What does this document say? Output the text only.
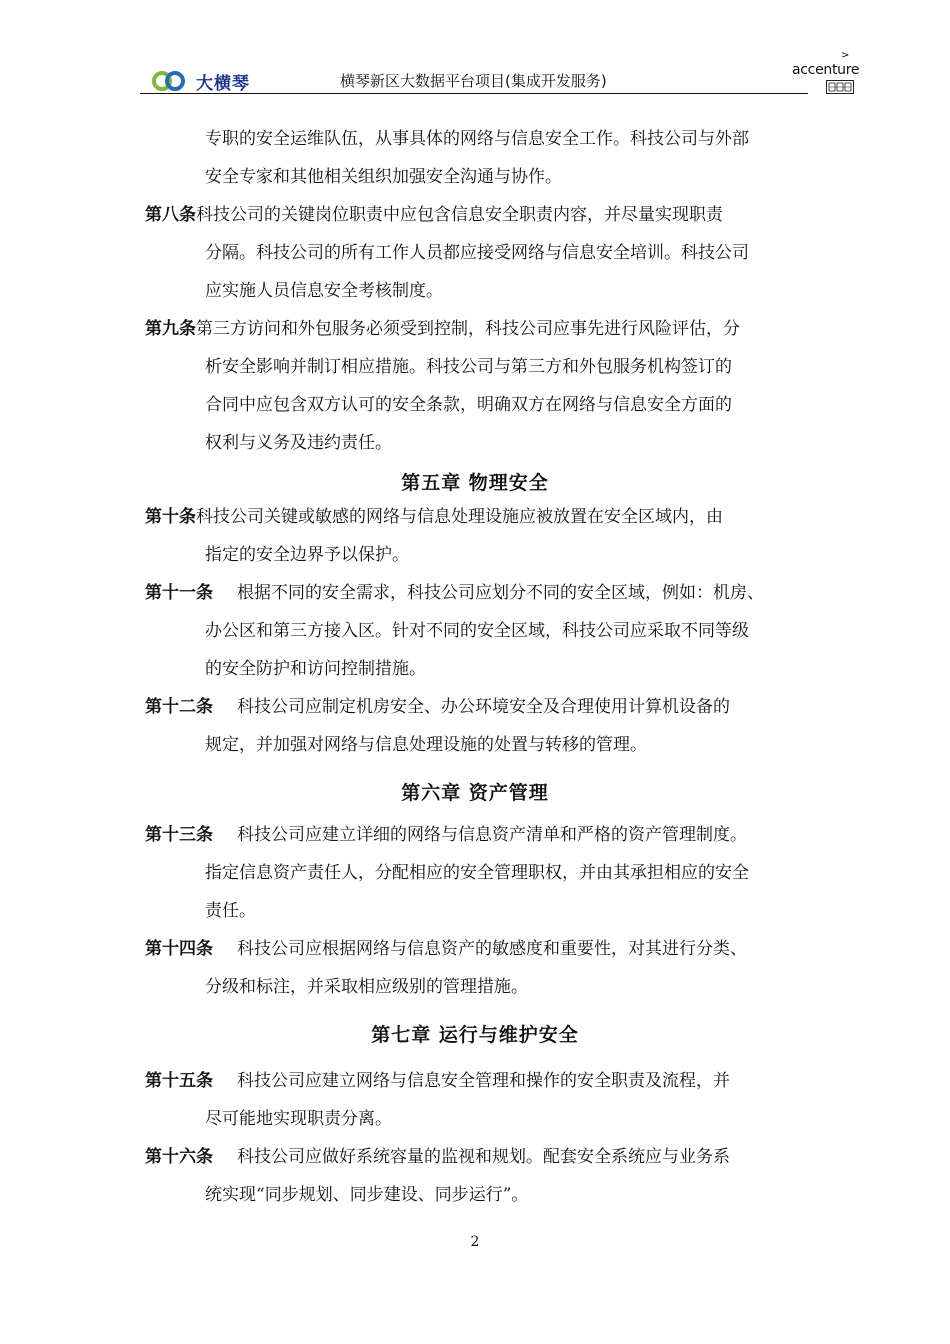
大横琴	横琴新区大数据平台项目(集成开发服务)
>
accenture
专职的安全运维队伍，从事具体的网络与信息安全工作。科技公司与外部
安全专家和其他相关组织加强安全沟通与协作。
第八条科技公司的关键岗位职责中应包含信息安全职责内容，并尽量实现职责
分隔。科技公司的所有工作人员都应接受网络与信息安全培训。科技公司
应实施人员信息安全考核制度。
第九条第三方访问和外包服务必须受到控制，科技公司应事先进行风险评估，分
析安全影响并制订相应措施。科技公司与第三方和外包服务机构签订的
合同中应包含双方认可的安全条款，明确双方在网络与信息安全方面的
权利与义务及违约责任。
第五章 物理安全
第十条科技公司关键或敏感的网络与信息处理设施应被放置在安全区域内，由
指定的安全边界予以保护。
第十一条 根据不同的安全需求，科技公司应划分不同的安全区域，例如：机房、
办公区和第三方接入区。针对不同的安全区域，科技公司应采取不同等级
的安全防护和访问控制措施。
第十二条 科技公司应制定机房安全、办公环境安全及合理使用计算机设备的
规定，并加强对网络与信息处理设施的处置与转移的管理。
第六章 资产管理
第十三条 科技公司应建立详细的网络与信息资产清单和严格的资产管理制度。
指定信息资产责任人，分配相应的安全管理职权，并由其承担相应的安全
责任。
第十四条 科技公司应根据网络与信息资产的敏感度和重要性，对其进行分类、
分级和标注，并采取相应级别的管理措施。
第七章 运行与维护安全
第十五条 科技公司应建立网络与信息安全管理和操作的安全职责及流程，并
尽可能地实现职责分离。
第十六条 科技公司应做好系统容量的监视和规划。配套安全系统应与业务系
统实现“同步规划、同步建设、同步运行”。
2
